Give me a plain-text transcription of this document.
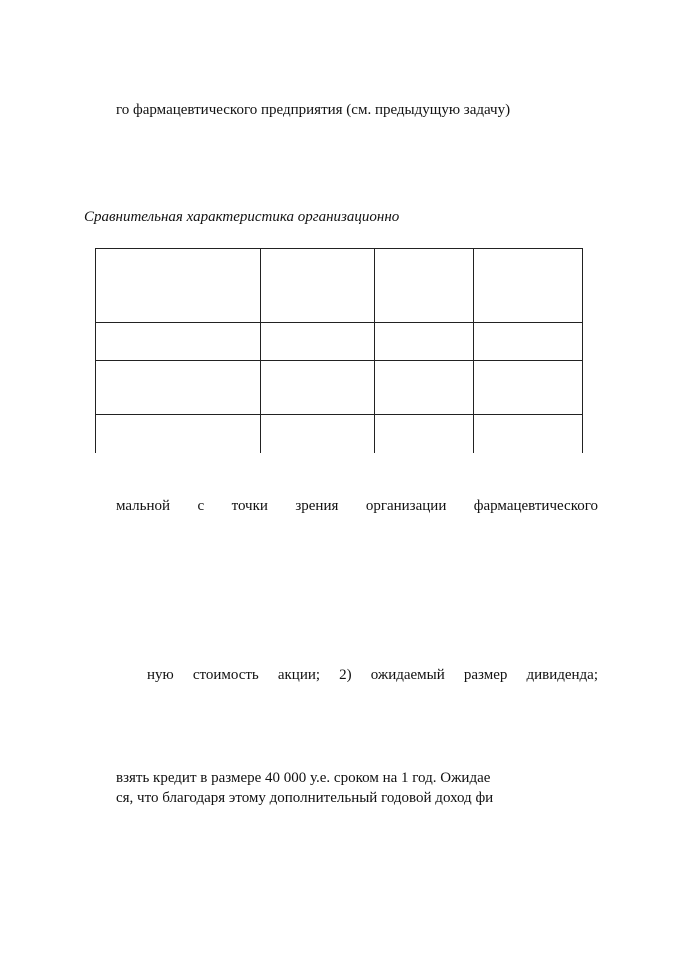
го фармацевтического предприятия (см. предыдущую задачу)
Сравнительная характеристика организационно
мальной с точки зрения организации фармацевтического
ную стоимость акции; 2) ожидаемый размер дивиденда;
взять кредит в размере 40 000 у.е. сроком на 1 год. Ожидае
ся, что благодаря этому дополнительный годовой доход фи
